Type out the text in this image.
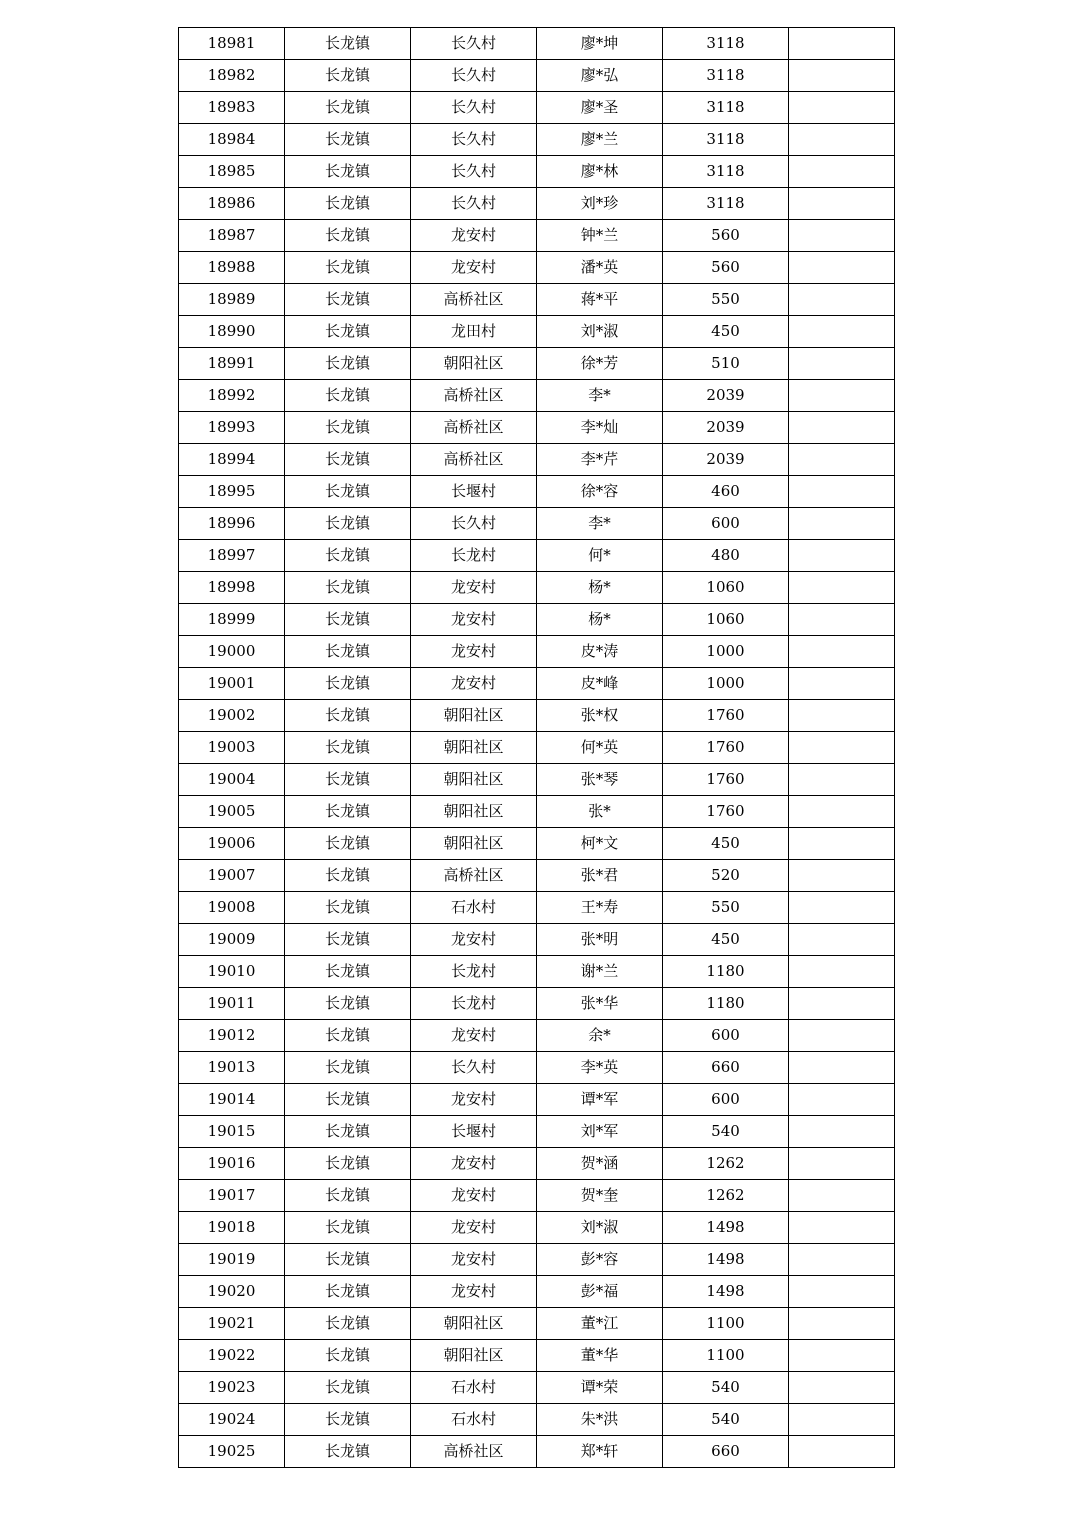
18981	长龙镇	长久村	廖*坤	3118	
18982	长龙镇	长久村	廖*弘	3118	
18983	长龙镇	长久村	廖*圣	3118	
18984	长龙镇	长久村	廖*兰	3118	
18985	长龙镇	长久村	廖*林	3118	
18986	长龙镇	长久村	刘*珍	3118	
18987	长龙镇	龙安村	钟*兰	560	
18988	长龙镇	龙安村	潘*英	560	
18989	长龙镇	高桥社区	蒋*平	550	
18990	长龙镇	龙田村	刘*淑	450	
18991	长龙镇	朝阳社区	徐*芳	510	
18992	长龙镇	高桥社区	李*	2039	
18993	长龙镇	高桥社区	李*灿	2039	
18994	长龙镇	高桥社区	李*芹	2039	
18995	长龙镇	长堰村	徐*容	460	
18996	长龙镇	长久村	李*	600	
18997	长龙镇	长龙村	何*	480	
18998	长龙镇	龙安村	杨*	1060	
18999	长龙镇	龙安村	杨*	1060	
19000	长龙镇	龙安村	皮*涛	1000	
19001	长龙镇	龙安村	皮*峰	1000	
19002	长龙镇	朝阳社区	张*权	1760	
19003	长龙镇	朝阳社区	何*英	1760	
19004	长龙镇	朝阳社区	张*琴	1760	
19005	长龙镇	朝阳社区	张*	1760	
19006	长龙镇	朝阳社区	柯*文	450	
19007	长龙镇	高桥社区	张*君	520	
19008	长龙镇	石水村	王*寿	550	
19009	长龙镇	龙安村	张*明	450	
19010	长龙镇	长龙村	谢*兰	1180	
19011	长龙镇	长龙村	张*华	1180	
19012	长龙镇	龙安村	余*	600	
19013	长龙镇	长久村	李*英	660	
19014	长龙镇	龙安村	谭*军	600	
19015	长龙镇	长堰村	刘*军	540	
19016	长龙镇	龙安村	贺*涵	1262	
19017	长龙镇	龙安村	贺*奎	1262	
19018	长龙镇	龙安村	刘*淑	1498	
19019	长龙镇	龙安村	彭*容	1498	
19020	长龙镇	龙安村	彭*福	1498	
19021	长龙镇	朝阳社区	董*江	1100	
19022	长龙镇	朝阳社区	董*华	1100	
19023	长龙镇	石水村	谭*荣	540	
19024	长龙镇	石水村	朱*洪	540	
19025	长龙镇	高桥社区	郑*轩	660	
